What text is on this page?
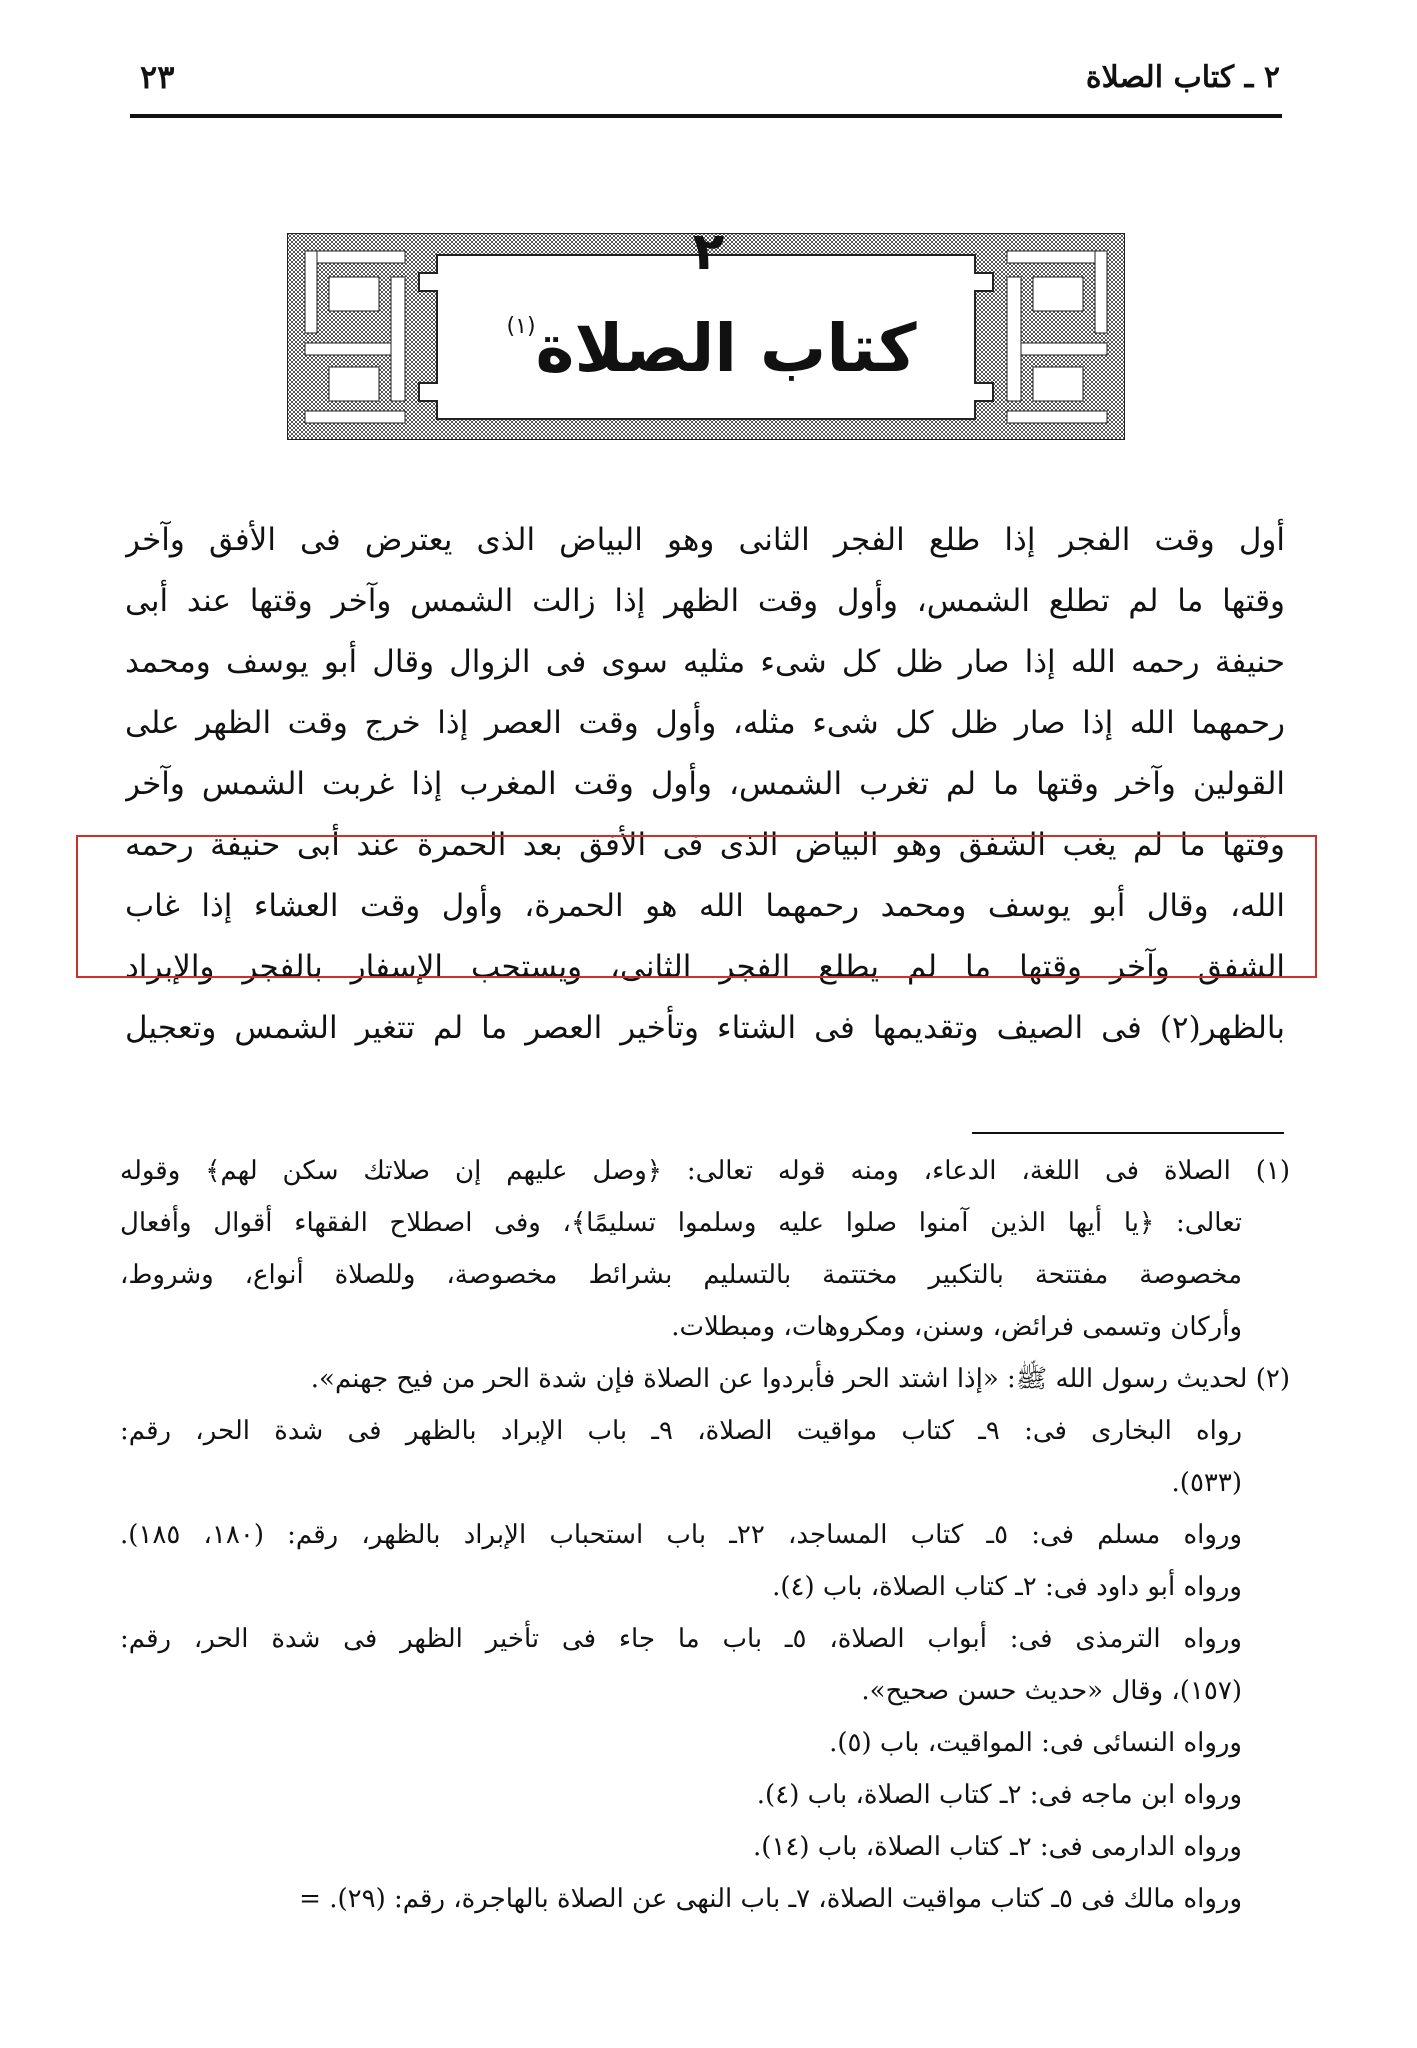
٢ ـ كتاب الصلاة
٢٣
٢
كتاب الصلاة$^{(١)}$
أول وقت الفجر إذا طلع الفجر الثانى وهو البياض الذى يعترض فى الأفق وآخر
وقتها ما لم تطلع الشمس، وأول وقت الظهر إذا زالت الشمس وآخر وقتها عند أبى
حنيفة رحمه الله إذا صار ظل كل شىء مثليه سوى فى الزوال وقال أبو يوسف ومحمد
رحمهما الله إذا صار ظل كل شىء مثله، وأول وقت العصر إذا خرج وقت الظهر على
القولين وآخر وقتها ما لم تغرب الشمس، وأول وقت المغرب إذا غربت الشمس وآخر
وقتها ما لم يغب الشفق وهو البياض الذى فى الأفق بعد الحمرة عند أبى حنيفة رحمه
الله، وقال أبو يوسف ومحمد رحمهما الله هو الحمرة، وأول وقت العشاء إذا غاب
الشفق وآخر وقتها ما لم يطلع الفجر الثانى، ويستحب الإسفار بالفجر والإبراد
بالظهر(٢) فى الصيف وتقديمها فى الشتاء وتأخير العصر ما لم تتغير الشمس وتعجيل
(١) الصلاة فى اللغة، الدعاء، ومنه قوله تعالى: ﴿وصل عليهم إن صلاتك سكن لهم﴾ وقوله
تعالى: ﴿يا أيها الذين آمنوا صلوا عليه وسلموا تسليمًا﴾، وفى اصطلاح الفقهاء أقوال وأفعال
مخصوصة مفتتحة بالتكبير مختتمة بالتسليم بشرائط مخصوصة، وللصلاة أنواع، وشروط،
وأركان وتسمى فرائض، وسنن، ومكروهات، ومبطلات.
(٢) لحديث رسول الله ﷺ: «إذا اشتد الحر فأبردوا عن الصلاة فإن شدة الحر من فيح جهنم».
رواه البخارى فى: ٩ـ كتاب مواقيت الصلاة، ٩ـ باب الإبراد بالظهر فى شدة الحر، رقم:
(٥٣٣).
ورواه مسلم فى: ٥ـ كتاب المساجد، ٢٢ـ باب استحباب الإبراد بالظهر، رقم: (١٨٠، ١٨٥).
ورواه أبو داود فى: ٢ـ كتاب الصلاة، باب (٤).
ورواه الترمذى فى: أبواب الصلاة، ٥ـ باب ما جاء فى تأخير الظهر فى شدة الحر، رقم:
(١٥٧)، وقال «حديث حسن صحيح».
ورواه النسائى فى: المواقيت، باب (٥).
ورواه ابن ماجه فى: ٢ـ كتاب الصلاة، باب (٤).
ورواه الدارمى فى: ٢ـ كتاب الصلاة، باب (١٤).
ورواه مالك فى ٥ـ كتاب مواقيت الصلاة، ٧ـ باب النهى عن الصلاة بالهاجرة، رقم: (٢٩). =
